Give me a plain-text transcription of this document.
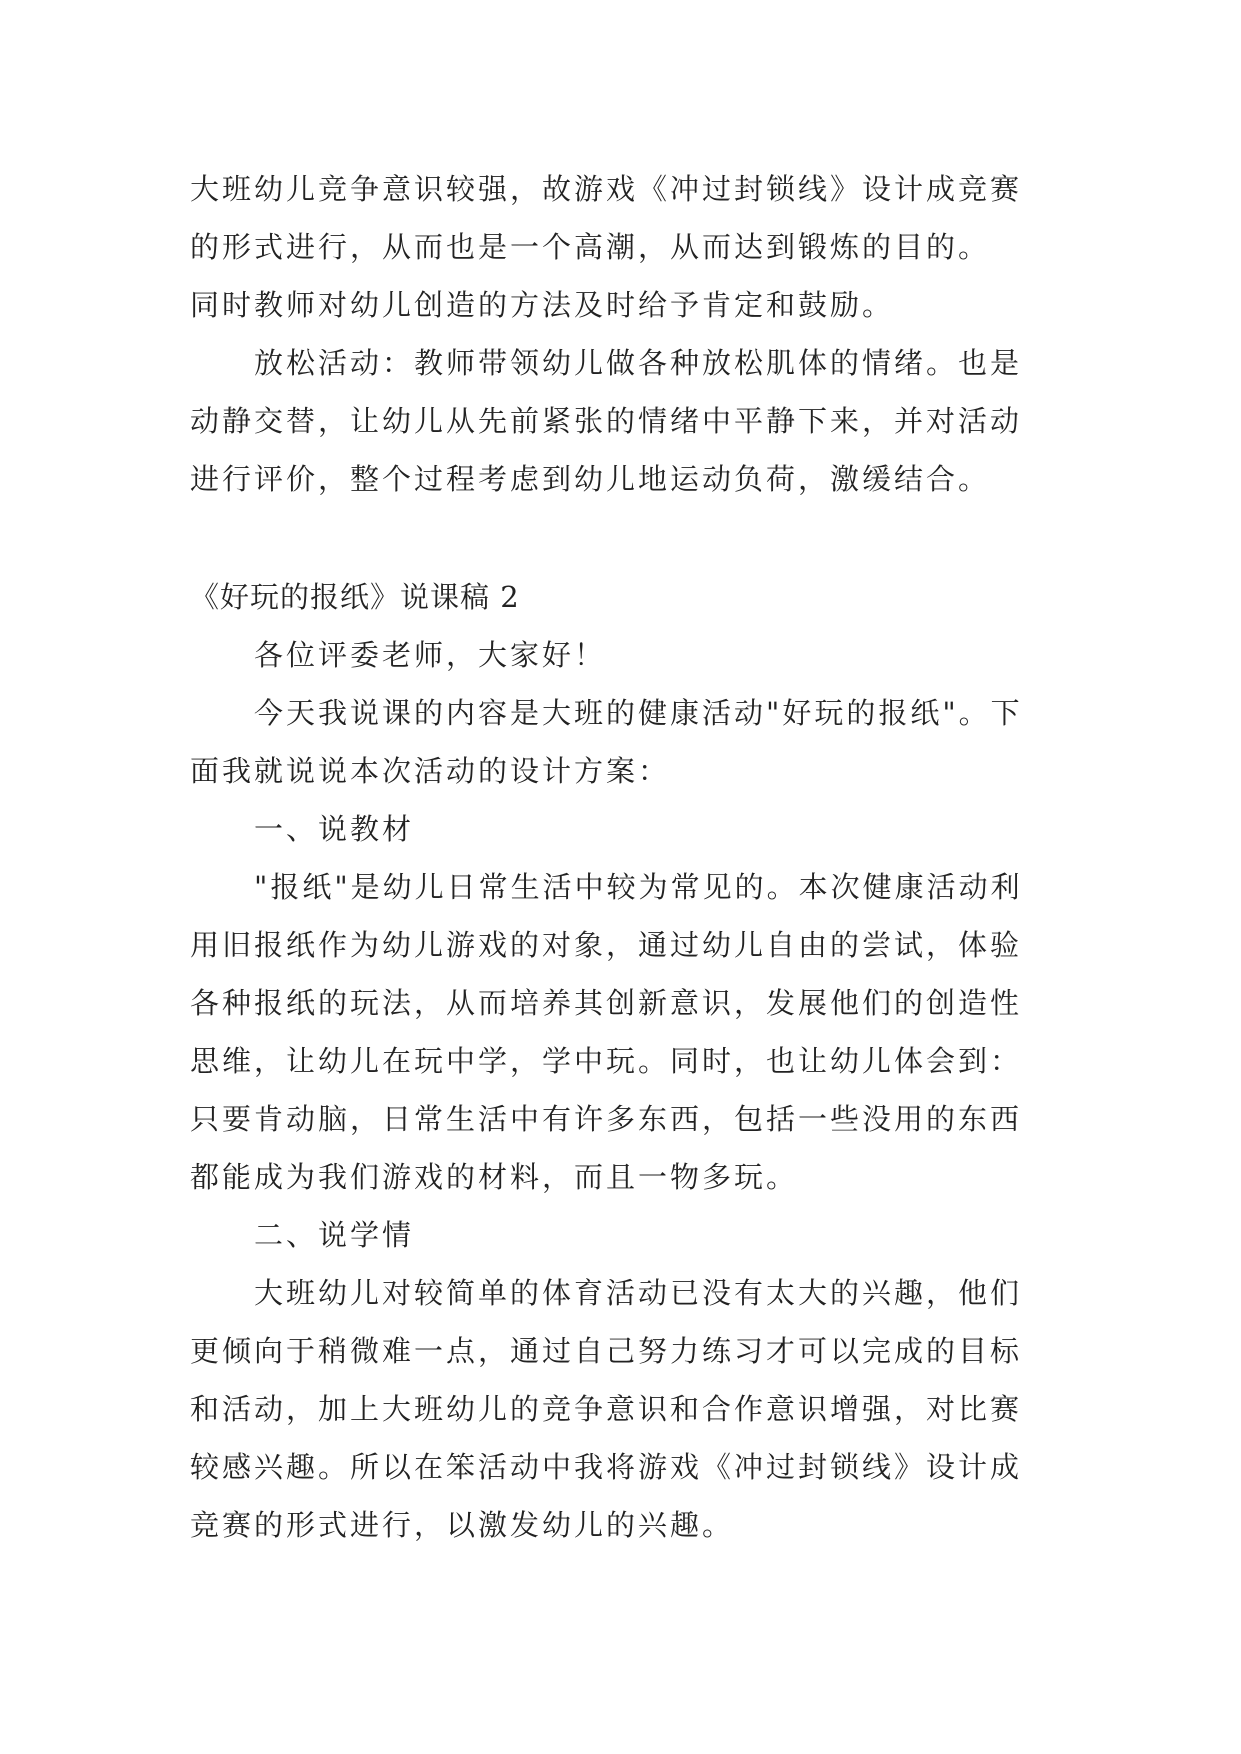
大班幼儿竞争意识较强，故游戏《冲过封锁线》设计成竞赛
的形式进行，从而也是一个高潮，从而达到锻炼的目的。
同时教师对幼儿创造的方法及时给予肯定和鼓励。
放松活动：教师带领幼儿做各种放松肌体的情绪。也是
动静交替，让幼儿从先前紧张的情绪中平静下来，并对活动
进行评价，整个过程考虑到幼儿地运动负荷，激缓结合。
《好玩的报纸》说课稿 2
各位评委老师，大家好！
今天我说课的内容是大班的健康活动"好玩的报纸"。下
面我就说说本次活动的设计方案：
一、说教材
"报纸"是幼儿日常生活中较为常见的。本次健康活动利
用旧报纸作为幼儿游戏的对象，通过幼儿自由的尝试，体验
各种报纸的玩法，从而培养其创新意识，发展他们的创造性
思维，让幼儿在玩中学，学中玩。同时，也让幼儿体会到：
只要肯动脑，日常生活中有许多东西，包括一些没用的东西
都能成为我们游戏的材料，而且一物多玩。
二、说学情
大班幼儿对较简单的体育活动已没有太大的兴趣，他们
更倾向于稍微难一点，通过自己努力练习才可以完成的目标
和活动，加上大班幼儿的竞争意识和合作意识增强，对比赛
较感兴趣。所以在笨活动中我将游戏《冲过封锁线》设计成
竞赛的形式进行，以激发幼儿的兴趣。
